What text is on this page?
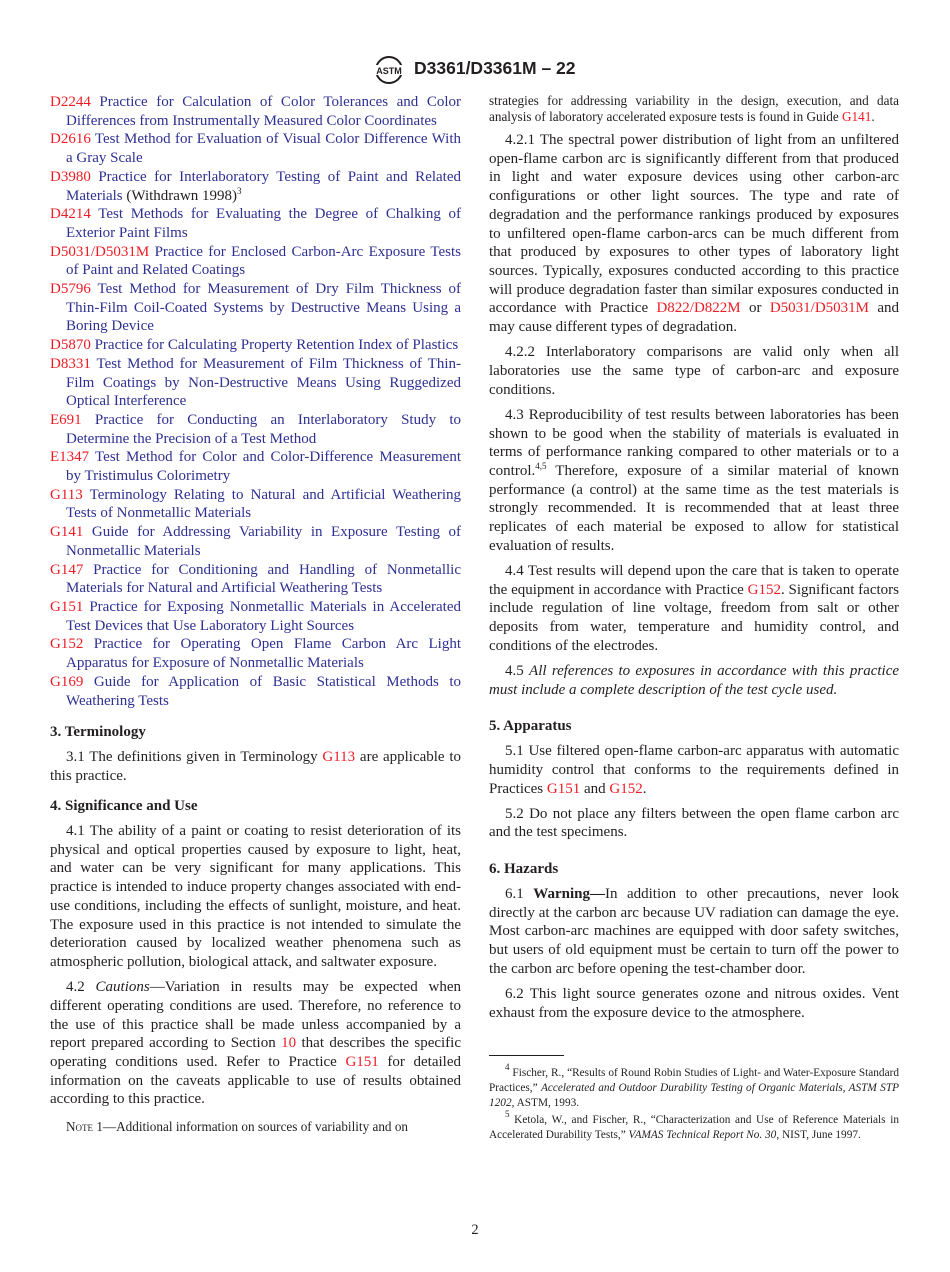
ASTM D3361/D3361M – 22

D2244 Practice for Calculation of Color Tolerances and Color Differences from Instrumentally Measured Color Coordinates

D2616 Test Method for Evaluation of Visual Color Difference With a Gray Scale

D3980 Practice for Interlaboratory Testing of Paint and Related Materials (Withdrawn 1998)$^3$

D4214 Test Methods for Evaluating the Degree of Chalking of Exterior Paint Films

D5031/D5031M Practice for Enclosed Carbon-Arc Exposure Tests of Paint and Related Coatings

D5796 Test Method for Measurement of Dry Film Thickness of Thin-Film Coil-Coated Systems by Destructive Means Using a Boring Device

D5870 Practice for Calculating Property Retention Index of Plastics

D8331 Test Method for Measurement of Film Thickness of Thin-Film Coatings by Non-Destructive Means Using Ruggedized Optical Interference

E691 Practice for Conducting an Interlaboratory Study to Determine the Precision of a Test Method

E1347 Test Method for Color and Color-Difference Measurement by Tristimulus Colorimetry

G113 Terminology Relating to Natural and Artificial Weathering Tests of Nonmetallic Materials

G141 Guide for Addressing Variability in Exposure Testing of Nonmetallic Materials

G147 Practice for Conditioning and Handling of Nonmetallic Materials for Natural and Artificial Weathering Tests

G151 Practice for Exposing Nonmetallic Materials in Accelerated Test Devices that Use Laboratory Light Sources

G152 Practice for Operating Open Flame Carbon Arc Light Apparatus for Exposure of Nonmetallic Materials

G169 Guide for Application of Basic Statistical Methods to Weathering Tests

3. Terminology

3.1 The definitions given in Terminology G113 are applicable to this practice.

4. Significance and Use

4.1 The ability of a paint or coating to resist deterioration of its physical and optical properties caused by exposure to light, heat, and water can be very significant for many applications. This practice is intended to induce property changes associated with end-use conditions, including the effects of sunlight, moisture, and heat. The exposure used in this practice is not intended to simulate the deterioration caused by localized weather phenomena such as atmospheric pollution, biological attack, and saltwater exposure.

4.2 Cautions—Variation in results may be expected when different operating conditions are used. Therefore, no reference to the use of this practice shall be made unless accompanied by a report prepared according to Section 10 that describes the specific operating conditions used. Refer to Practice G151 for detailed information on the caveats applicable to use of results obtained according to this practice.

Note 1—Additional information on sources of variability and on

strategies for addressing variability in the design, execution, and data analysis of laboratory accelerated exposure tests is found in Guide G141.

4.2.1 The spectral power distribution of light from an unfiltered open-flame carbon arc is significantly different from that produced in light and water exposure devices using other carbon-arc configurations or other light sources. The type and rate of degradation and the performance rankings produced by exposures to unfiltered open-flame carbon-arcs can be much different from that produced by exposures to other types of laboratory light sources. Typically, exposures conducted according to this practice will produce degradation faster than similar exposures conducted in accordance with Practice D822/D822M or D5031/D5031M and may cause different types of degradation.

4.2.2 Interlaboratory comparisons are valid only when all laboratories use the same type of carbon-arc and exposure conditions.

4.3 Reproducibility of test results between laboratories has been shown to be good when the stability of materials is evaluated in terms of performance ranking compared to other materials or to a control.$^{4,5}$ Therefore, exposure of a similar material of known performance (a control) at the same time as the test materials is strongly recommended. It is recommended that at least three replicates of each material be exposed to allow for statistical evaluation of results.

4.4 Test results will depend upon the care that is taken to operate the equipment in accordance with Practice G152. Significant factors include regulation of line voltage, freedom from salt or other deposits from water, temperature and humidity control, and conditions of the electrodes.

4.5 All references to exposures in accordance with this practice must include a complete description of the test cycle used.

5. Apparatus

5.1 Use filtered open-flame carbon-arc apparatus with automatic humidity control that conforms to the requirements defined in Practices G151 and G152.

5.2 Do not place any filters between the open flame carbon arc and the test specimens.

6. Hazards

6.1 Warning—In addition to other precautions, never look directly at the carbon arc because UV radiation can damage the eye. Most carbon-arc machines are equipped with door safety switches, but users of old equipment must be certain to turn off the power to the carbon arc before opening the test-chamber door.

6.2 This light source generates ozone and nitrous oxides. Vent exhaust from the exposure device to the atmosphere.

$^4$ Fischer, R., “Results of Round Robin Studies of Light- and Water-Exposure Standard Practices,” Accelerated and Outdoor Durability Testing of Organic Materials, ASTM STP 1202, ASTM, 1993.

$^5$ Ketola, W., and Fischer, R., “Characterization and Use of Reference Materials in Accelerated Durability Tests,” VAMAS Technical Report No. 30, NIST, June 1997.

2
